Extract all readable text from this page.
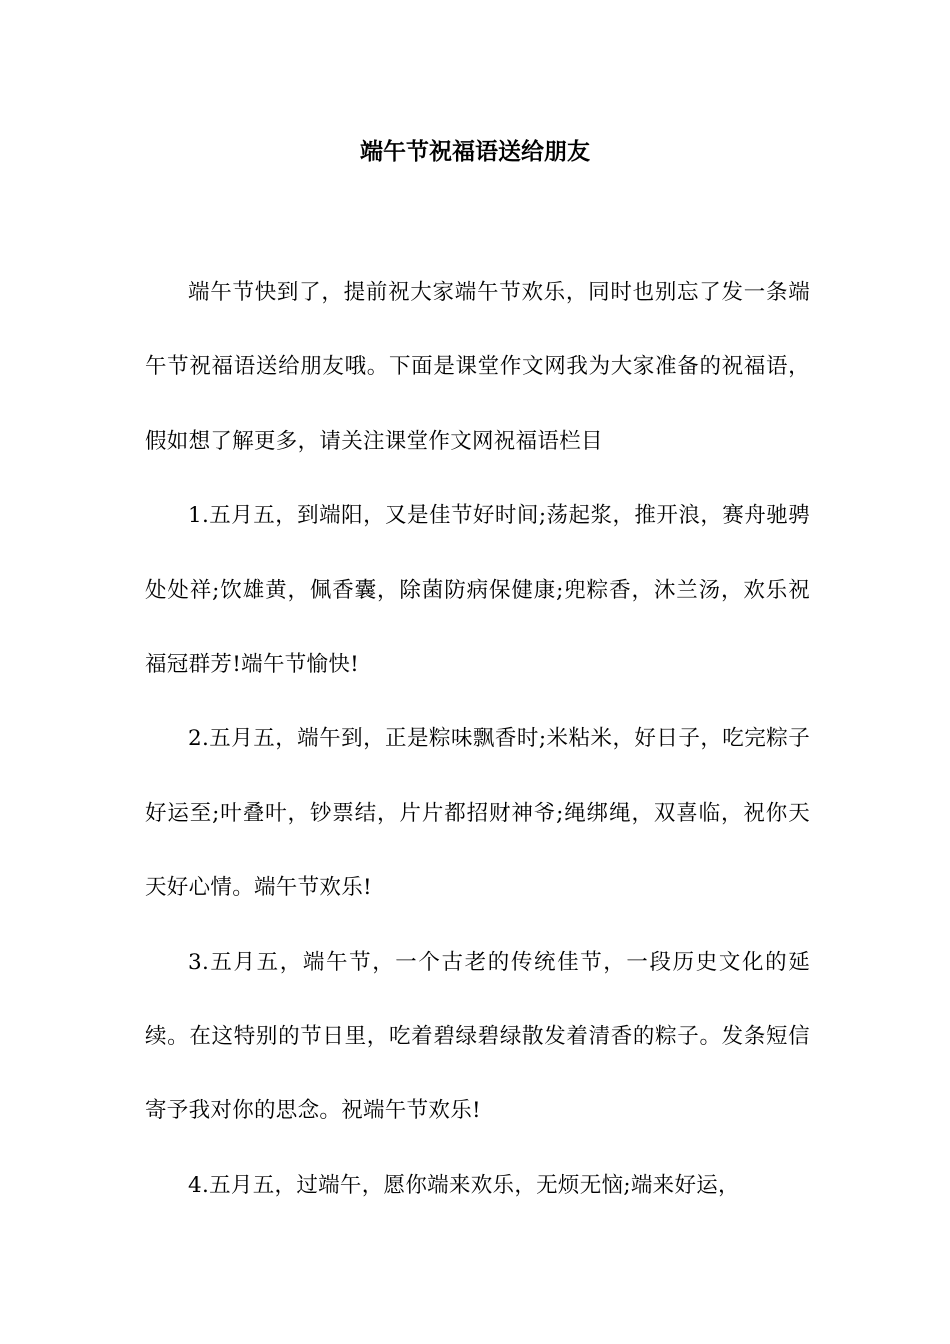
端午节祝福语送给朋友

端午节快到了，提前祝大家端午节欢乐，同时也别忘了发一条端午节祝福语送给朋友哦。下面是课堂作文网我为大家准备的祝福语，假如想了解更多，请关注课堂作文网祝福语栏目

1.五月五，到端阳，又是佳节好时间;荡起浆，推开浪，赛舟驰骋处处祥;饮雄黄，佩香囊，除菌防病保健康;兜粽香，沐兰汤，欢乐祝福冠群芳!端午节愉快!

2.五月五，端午到，正是粽味飘香时;米粘米，好日子，吃完粽子好运至;叶叠叶，钞票结，片片都招财神爷;绳绑绳，双喜临，祝你天天好心情。端午节欢乐!

3.五月五，端午节，一个古老的传统佳节，一段历史文化的延续。在这特别的节日里，吃着碧绿碧绿散发着清香的粽子。发条短信寄予我对你的思念。祝端午节欢乐!

4.五月五，过端午，愿你端来欢乐，无烦无恼;端来好运，
